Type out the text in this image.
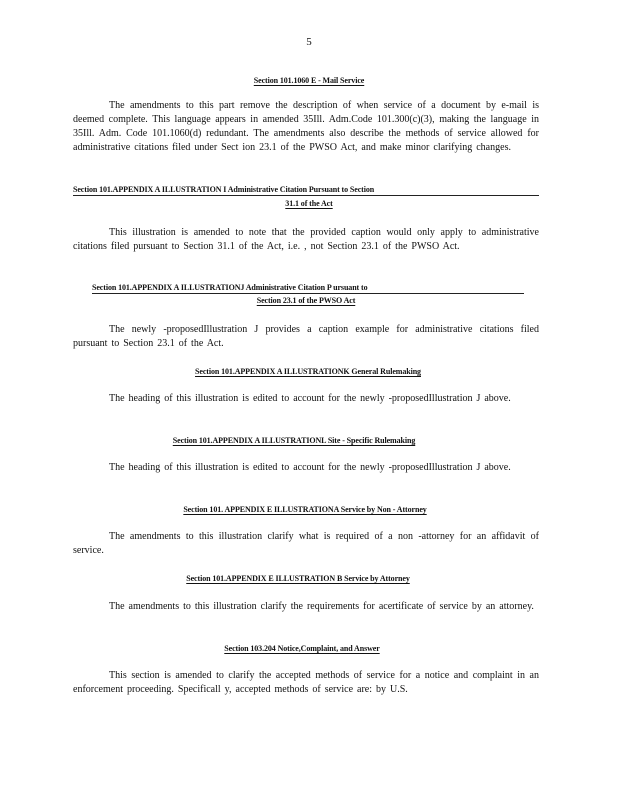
5
Section 101.1060 E - Mail Service
The amendments to this part remove the description of when service of a document by e-mail is deemed complete. This language appears in amended 35Ill. Adm.Code 101.300(c)(3), making the language in 35Ill. Adm. Code 101.1060(d) redundant. The amendments also describe the methods of service allowed for administrative citations filed under Sect ion 23.1 of the PWSO Act, and make minor clarifying changes.
Section 101.APPENDIX A ILLUSTRATION I Administrative Citation Pursuant to Section
31.1 of the Act
This illustration is amended to note that the provided caption would only apply to administrative citations filed pursuant to Section 31.1 of the Act, i.e. , not Section 23.1 of the PWSO Act.
Section 101.APPENDIX A ILLUSTRATIONJ Administrative Citation P ursuant to
Section 23.1 of the PWSO Act
The newly -proposedIllustration J provides a caption example for administrative citations filed pursuant to Section 23.1 of the Act.
Section 101.APPENDIX A ILLUSTRATIONK General Rulemaking
The heading of this illustration is edited to account for the newly -proposedIllustration J above.
Section 101.APPENDIX A ILLUSTRATIONL Site - Specific Rulemaking
The heading of this illustration is edited to account for the newly -proposedIllustration J above.
Section 101. APPENDIX E ILLUSTRATIONA Service by Non - Attorney
The amendments to this illustration clarify what is required of a non -attorney for an affidavit of service.
Section 101.APPENDIX E ILLUSTRATION B Service by Attorney
The amendments to this illustration clarify the requirements for acertificate of service by an attorney.
Section 103.204 Notice,Complaint, and Answer
This section is amended to clarify the accepted methods of service for a notice and complaint in an enforcement proceeding. Specificall y, accepted methods of service are: by U.S.
